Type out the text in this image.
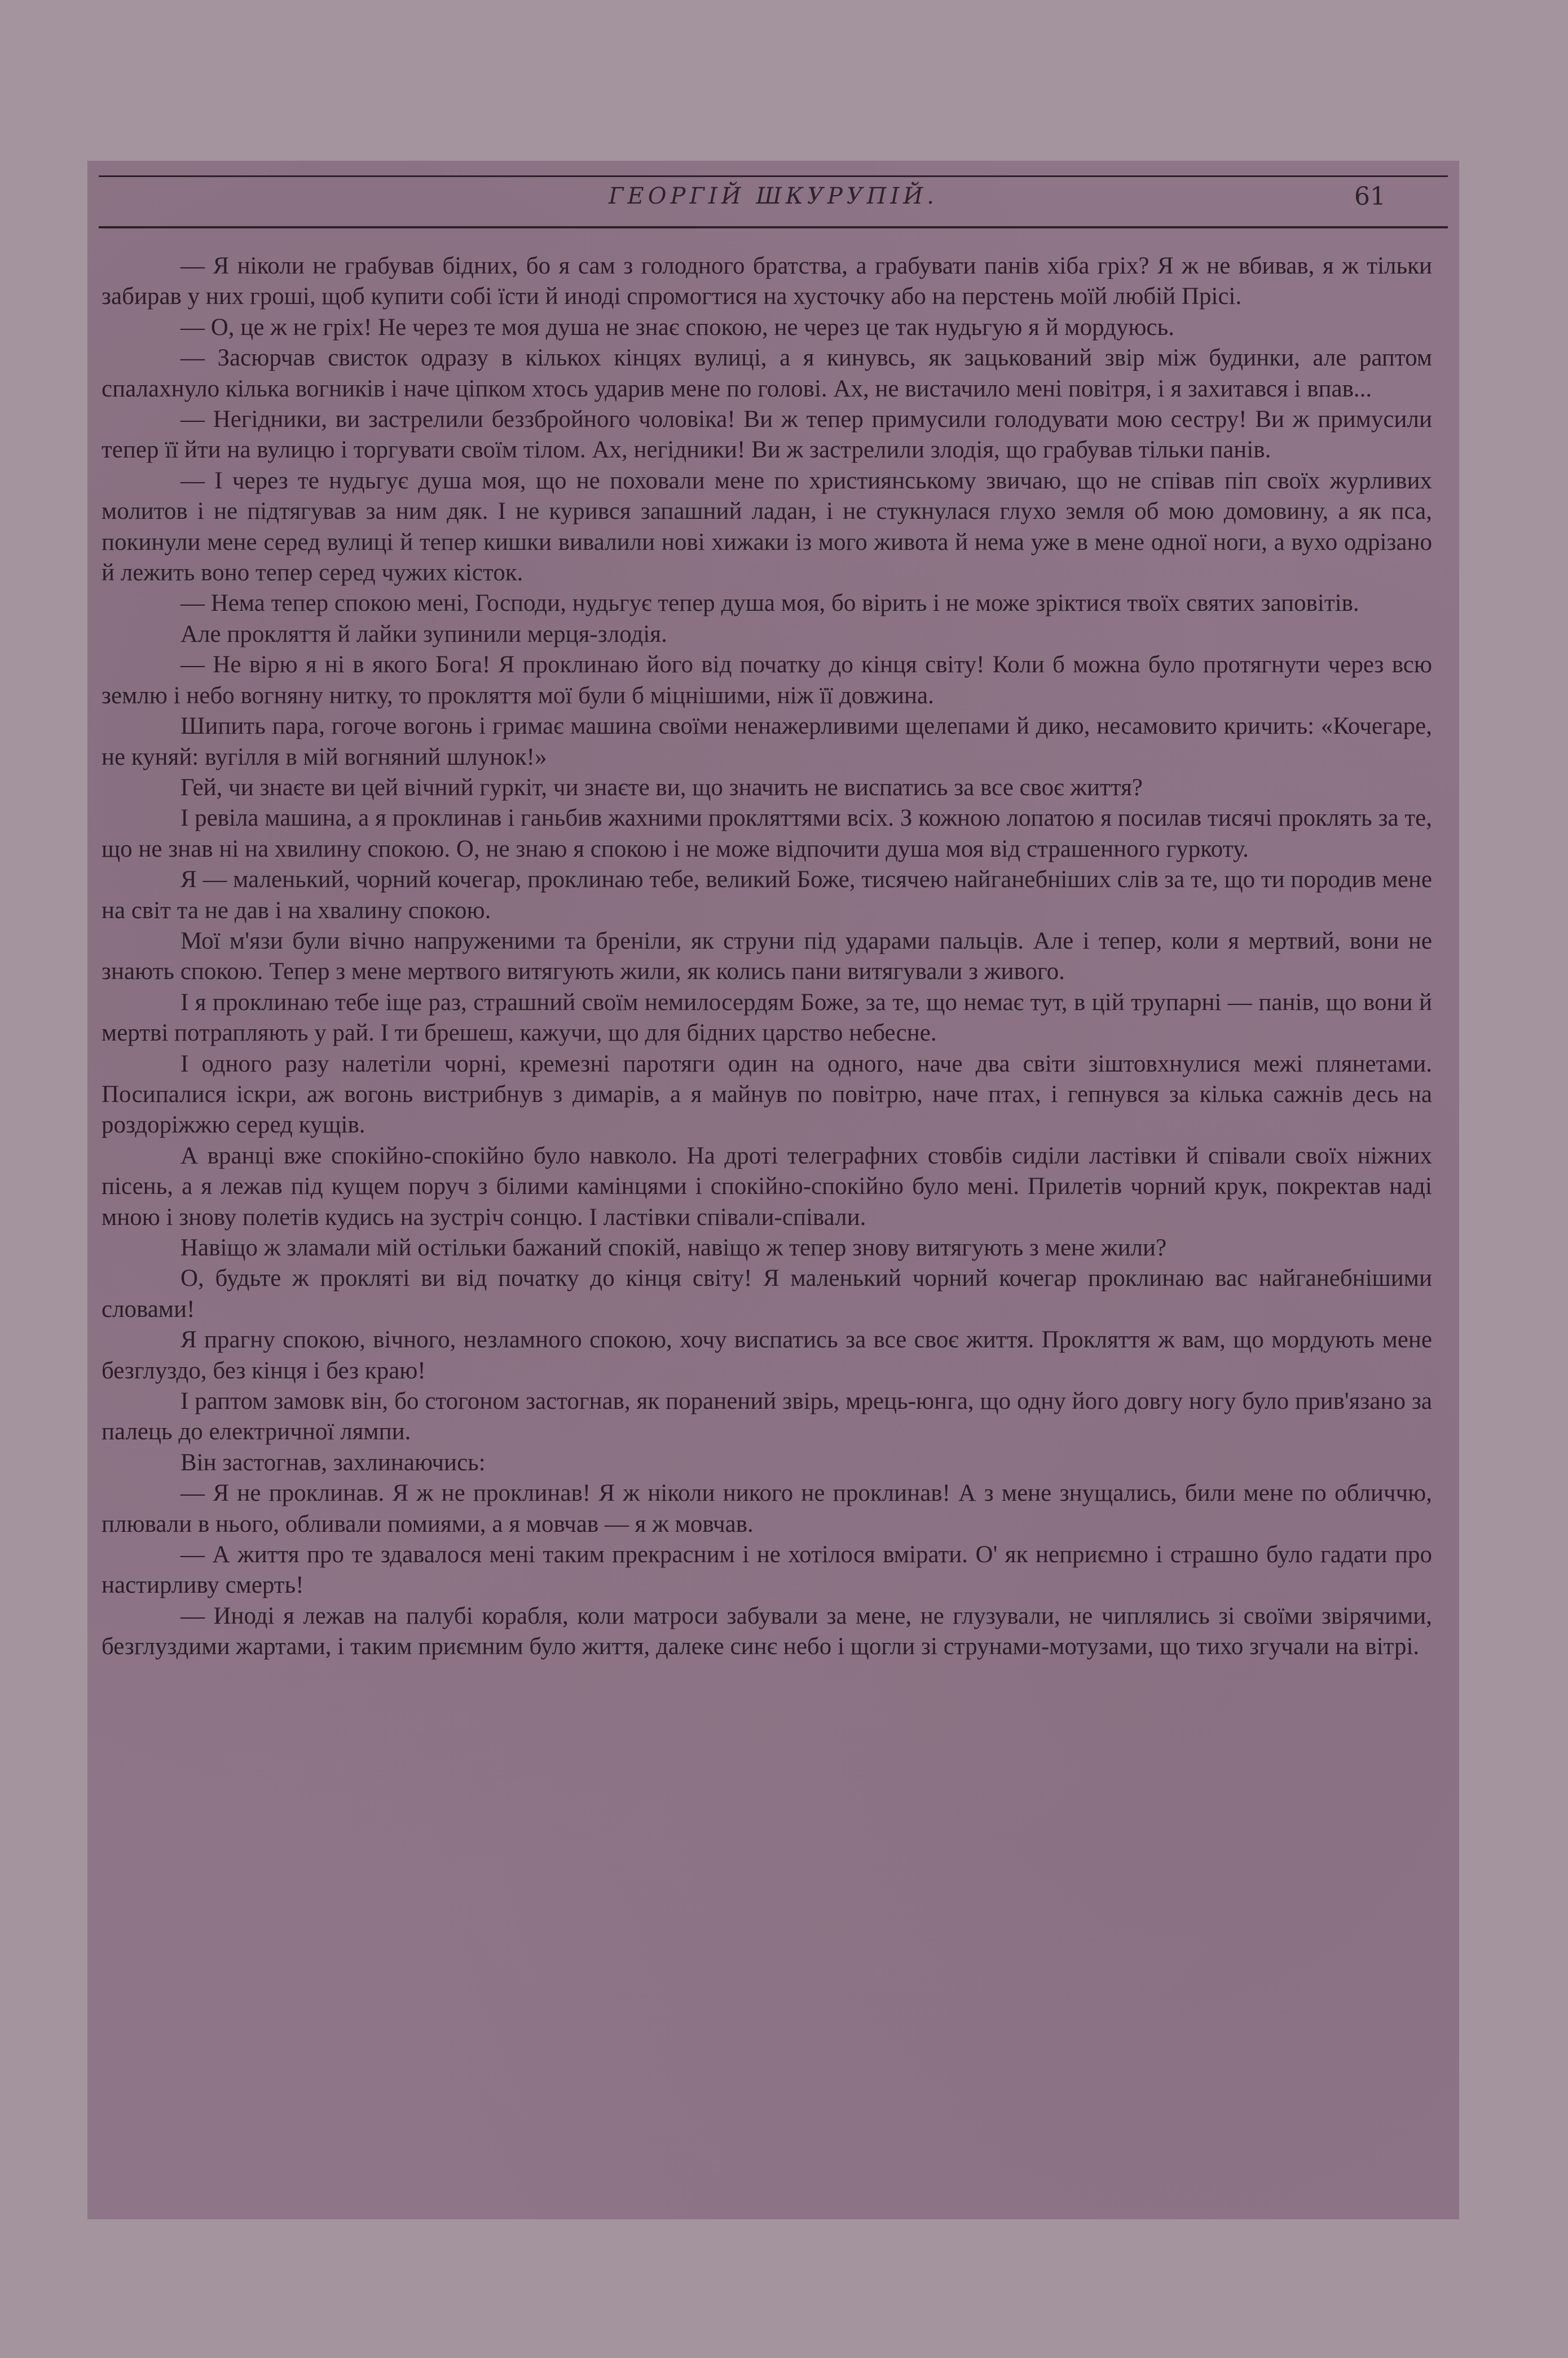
ГЕОРГІЙ ШКУРУПІЙ.	61

— Я ніколи не грабував бідних, бо я сам з голодного братства, а грабувати панів хіба гріх? Я ж не вбивав, я ж тільки забирав у них гроші, щоб купити собі їсти й иноді спромогтися на хусточку або на перстень моїй любій Прісі.

— О, це ж не гріх! Не через те моя душа не знає спокою, не через це так нудьгую я й мордуюсь.

— Засюрчав свисток одразу в кількох кінцях вулиці, а я кинувсь, як зацькований звір між будинки, але раптом спалахнуло кілька вогників і наче ціпком хтось ударив мене по голові. Ах, не вистачило мені повітря, і я захитався і впав...

— Негідники, ви застрелили беззбройного чоловіка! Ви ж тепер примусили голодувати мою сестру! Ви ж примусили тепер її йти на вулицю і торгувати своїм тілом. Ах, негідники! Ви ж застрелили злодія, що грабував тільки панів.

— І через те нудьгує душа моя, що не поховали мене по християнському звичаю, що не співав піп своїх журливих молитов і не підтягував за ним дяк. І не курився запашний ладан, і не стукнулася глухо земля об мою домовину, а як пса, покинули мене серед вулиці й тепер кишки вивалили нові хижаки із мого живота й нема уже в мене одної ноги, а вухо одрізано й лежить воно тепер серед чужих кісток.

— Нема тепер спокою мені, Господи, нудьгує тепер душа моя, бо вірить і не може зріктися твоїх святих заповітів.

Але прокляття й лайки зупинили мерця-злодія.

— Не вірю я ні в якого Бога! Я проклинаю його від початку до кінця світу! Коли б можна було протягнути через всю землю і небо вогняну нитку, то прокляття мої були б міцнішими, ніж її довжина.

Шипить пара, гогоче вогонь і гримає машина своїми ненажерливими щелепами й дико, несамовито кричить: «Кочегаре, не куняй: вугілля в мій вогняний шлунок!»

Гей, чи знаєте ви цей вічний гуркіт, чи знаєте ви, що значить не виспатись за все своє життя?

І ревіла машина, а я проклинав і ганьбив жахними прокляттями всіх. З кожною лопатою я посилав тисячі проклять за те, що не знав ні на хвилину спокою. О, не знаю я спокою і не може відпочити душа моя від страшенного гуркоту.

Я — маленький, чорний кочегар, проклинаю тебе, великий Боже, тисячею найганебніших слів за те, що ти породив мене на світ та не дав і на хвалину спокою.

Мої м'язи були вічно напруженими та бреніли, як струни під ударами пальців. Але і тепер, коли я мертвий, вони не знають спокою. Тепер з мене мертвого витягують жили, як колись пани витягували з живого.

І я проклинаю тебе іще раз, страшний своїм немилосердям Боже, за те, що немає тут, в цій трупарні — панів, що вони й мертві потрапляють у рай. І ти брешеш, кажучи, що для бідних царство небесне.

І одного разу налетіли чорні, кремезні паротяги один на одного, наче два світи зіштовхнулися межі плянетами. Посипалися іскри, аж вогонь вистрибнув з димарів, а я майнув по повітрю, наче птах, і гепнувся за кілька сажнів десь на роздоріжжю серед кущів.

А вранці вже спокійно-спокійно було навколо. На дроті телеграфних стовбів сиділи ластівки й співали своїх ніжних пісень, а я лежав під кущем поруч з білими камінцями і спокійно-спокійно було мені. Прилетів чорний крук, покректав наді мною і знову полетів кудись на зустріч сонцю. І ластівки співали-співали.

Навіщо ж зламали мій остільки бажаний спокій, навіщо ж тепер знову витягують з мене жили?

О, будьте ж прокляті ви від початку до кінця світу! Я маленький чорний кочегар проклинаю вас найганебнішими словами!

Я прагну спокою, вічного, незламного спокою, хочу виспатись за все своє життя. Прокляття ж вам, що мордують мене безглуздо, без кінця і без краю!

І раптом замовк він, бо стогоном застогнав, як поранений звірь, мрець-юнга, що одну його довгу ногу було прив'язано за палець до електричної лямпи.

Він застогнав, захлинаючись:

— Я не проклинав. Я ж не проклинав! Я ж ніколи никого не проклинав! А з мене знущались, били мене по обличчю, плювали в нього, обливали помиями, а я мовчав — я ж мовчав.

— А життя про те здавалося мені таким прекрасним і не хотілося вмірати. О' як неприємно і страшно було гадати про настирливу смерть!

— Иноді я лежав на палубі корабля, коли матроси забували за мене, не глузували, не чиплялись зі своїми звірячими, безглуздими жартами, і таким приємним було життя, далеке синє небо і щогли зі струнами-мотузами, що тихо згучали на вітрі.
